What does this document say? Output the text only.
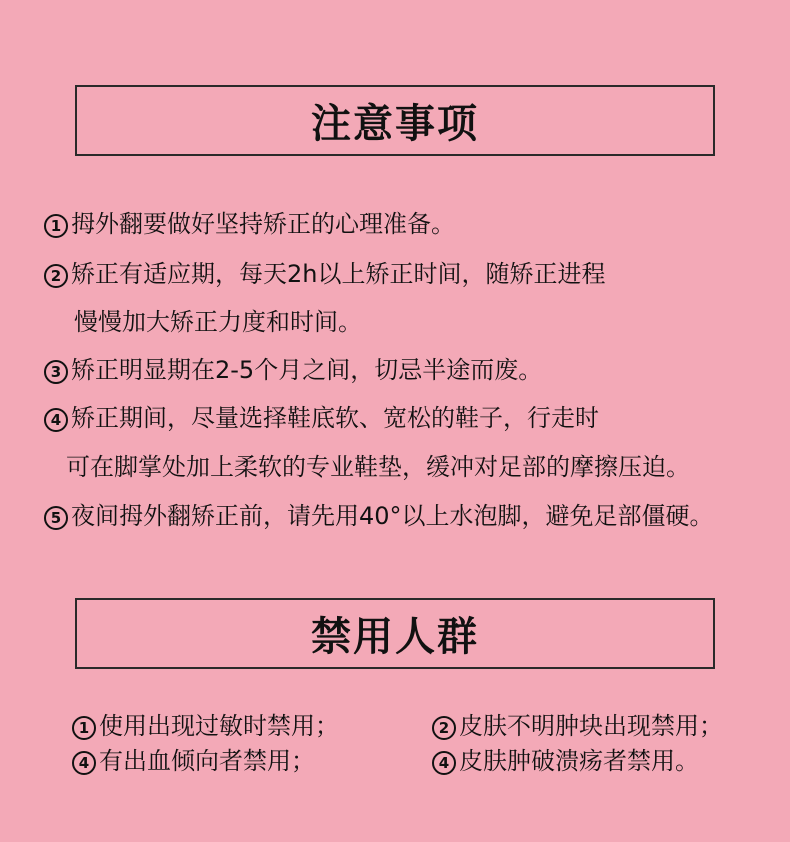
注意事项
1 拇外翻要做好坚持矫正的心理准备。
2 矫正有适应期，每天2h以上矫正时间，随矫正进程
慢慢加大矫正力度和时间。
3 矫正明显期在2-5个月之间，切忌半途而废。
4 矫正期间，尽量选择鞋底软、宽松的鞋子，行走时
可在脚掌处加上柔软的专业鞋垫，缓冲对足部的摩擦压迫。
5 夜间拇外翻矫正前，请先用40°以上水泡脚，避免足部僵硬。
禁用人群
1 使用出现过敏时禁用；	2 皮肤不明肿块出现禁用；
4 有出血倾向者禁用；	4 皮肤肿破溃疡者禁用。
